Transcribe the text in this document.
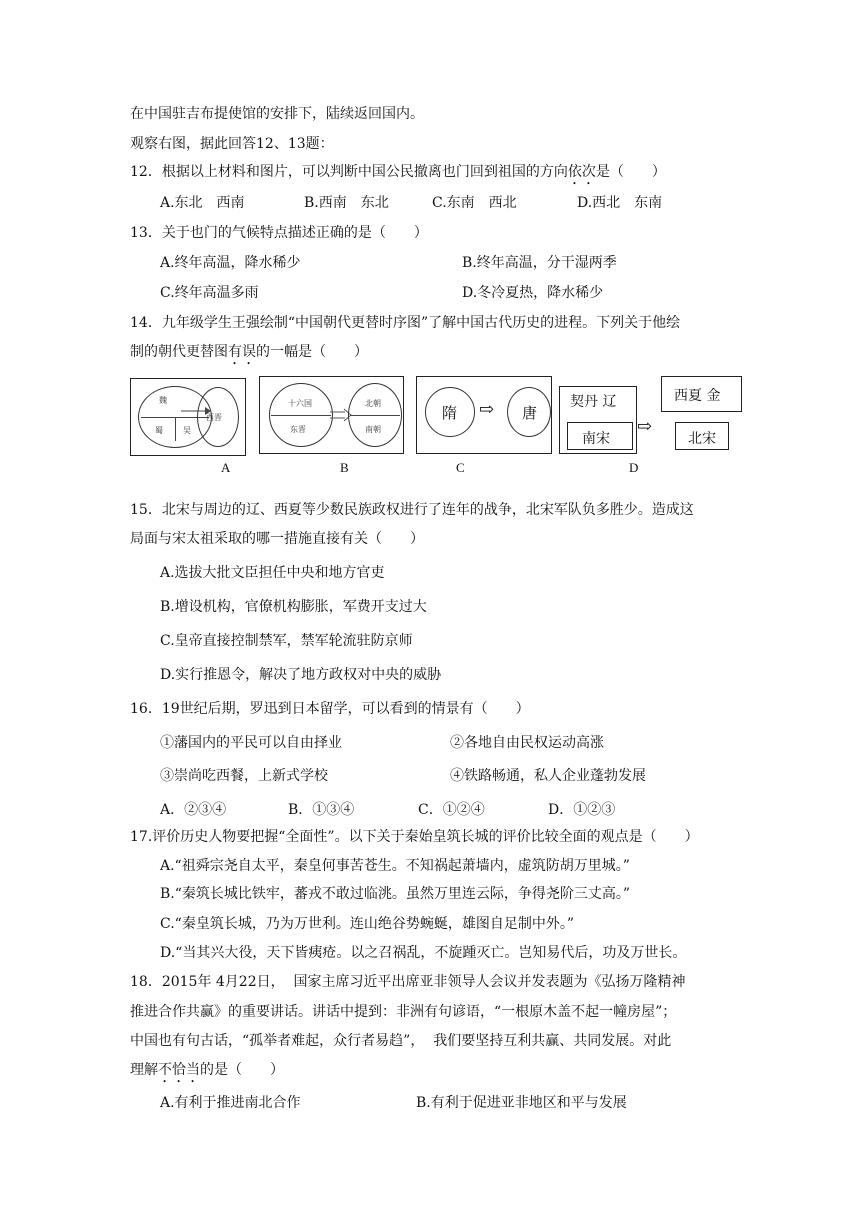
在中国驻吉布提使馆的安排下，陆续返回国内。
观察右图，据此回答12、13题：
12．根据以上材料和图片，可以判断中国公民撤离也门回到祖国的方向依次是（　　）
A.东北　西南	B.西南　东北	C.东南　西北	D.西北　东南
13．关于也门的气候特点描述正确的是（　　）
A.终年高温，降水稀少	B.终年高温，分干湿两季
C.终年高温多雨	D.冬冷夏热，降水稀少
14．九年级学生王强绘制“中国朝代更替时序图”了解中国古代历史的进程。下列关于他绘
制的朝代更替图有误的一幅是（　　）
魏
蜀	吴
西晋
A
十六国
东晋
北朝
南朝
B
隋 ⇨ 唐
C
契丹 辽
南宋
⇨
西夏 金
北宋
D
15．北宋与周边的辽、西夏等少数民族政权进行了连年的战争，北宋军队负多胜少。造成这
局面与宋太祖采取的哪一措施直接有关（　　）
A.选拔大批文臣担任中央和地方官吏
B.增设机构，官僚机构膨胀，军费开支过大
C.皇帝直接控制禁军，禁军轮流驻防京师
D.实行推恩令，解决了地方政权对中央的威胁
16．19世纪后期，罗迅到日本留学，可以看到的情景有（　　）
①藩国内的平民可以自由择业	②各地自由民权运动高涨
③崇尚吃西餐，上新式学校	④铁路畅通，私人企业蓬勃发展
A．②③④	B．①③④	C．①②④	D．①②③
17.评价历史人物要把握“全面性”。以下关于秦始皇筑长城的评价比较全面的观点是（　　）
A.“祖舜宗尧自太平，秦皇何事苦苍生。不知祸起萧墙内，虚筑防胡万里城。”
B.“秦筑长城比铁牢，蕃戎不敢过临洮。虽然万里连云际，争得尧阶三丈高。”
C.“秦皇筑长城，乃为万世利。连山绝谷势蜿蜒，雄图自足制中外。”
D.“当其兴大役，天下皆痍疮。以之召祸乱，不旋踵灭亡。岂知易代后，功及万世长。
18．2015年 4月22日，  国家主席习近平出席亚非领导人会议并发表题为《弘扬万隆精神
推进合作共赢》的重要讲话。讲话中提到：非洲有句谚语，“一根原木盖不起一幢房屋”；
中国也有句古话，“孤举者难起，众行者易趋”，  我们要坚持互利共赢、共同发展。对此
理解不恰当的是（　　）
A.有利于推进南北合作	B.有利于促进亚非地区和平与发展
